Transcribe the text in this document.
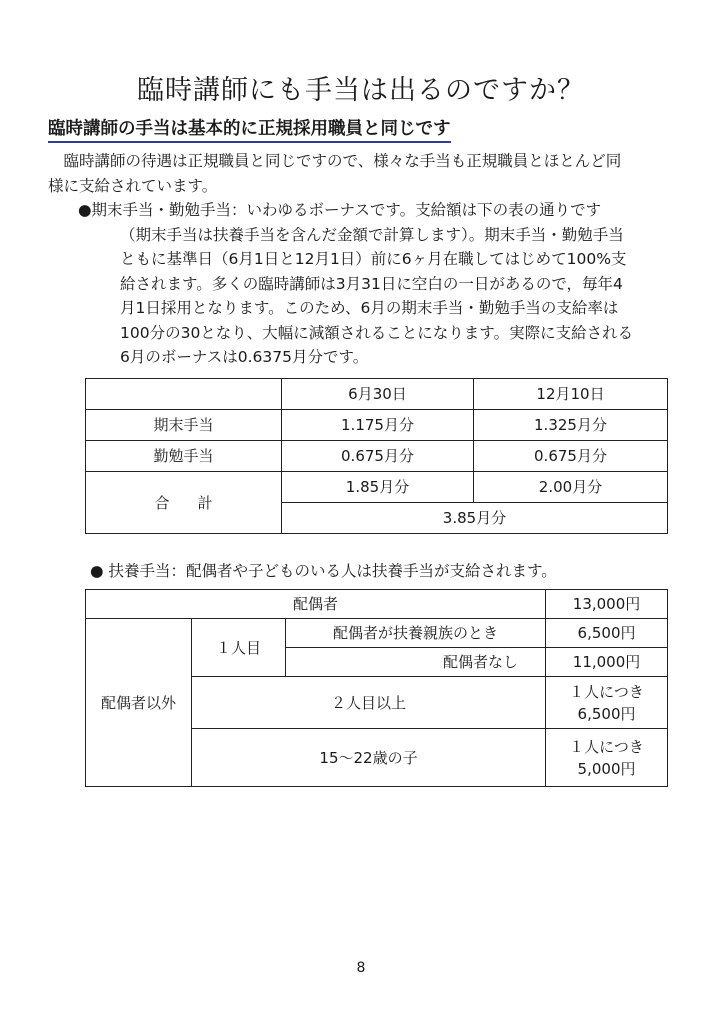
臨時講師にも手当は出るのですか？
臨時講師の手当は基本的に正規採用職員と同じです
臨時講師の待遇は正規職員と同じですので、様々な手当も正規職員とほとんど同
様に支給されています。
●期末手当・勤勉手当：いわゆるボーナスです。支給額は下の表の通りです
（期末手当は扶養手当を含んだ金額で計算します）。期末手当・勤勉手当
ともに基準日（6月1日と12月1日）前に6ヶ月在職してはじめて100%支
給されます。多くの臨時講師は3月31日に空白の一日があるので，毎年4
月1日採用となります。このため、6月の期末手当・勤勉手当の支給率は
100分の30となり、大幅に減額されることになります。実際に支給される
6月のボーナスは0.6375月分です。
	6月30日	12月10日
期末手当	1.175月分	1.325月分
勤勉手当	0.675月分	0.675月分
合計	1.85月分	2.00月分
	3.85月分	
● 扶養手当：配偶者や子どものいる人は扶養手当が支給されます。
配偶者			13,000円
配偶者以外	１人目	配偶者が扶養親族のとき	6,500円
		配偶者なし	11,000円
	２人目以上		１人につき
			6,500円
	15～22歳の子		１人につき
5,000円
8
